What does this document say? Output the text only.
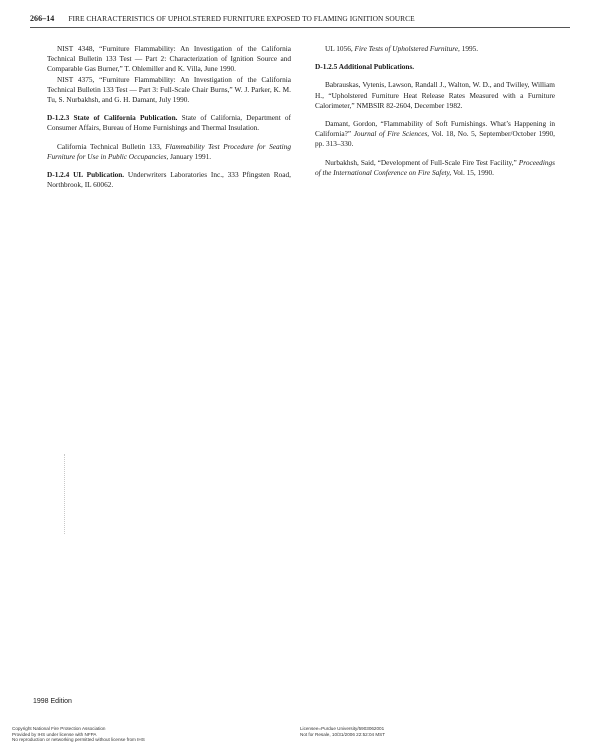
266–14 FIRE CHARACTERISTICS OF UPHOLSTERED FURNITURE EXPOSED TO FLAMING IGNITION SOURCE

NIST 4348, “Furniture Flammability: An Investigation of the California Technical Bulletin 133 Test — Part 2: Characterization of Ignition Source and Comparable Gas Burner,” T. Ohlemiller and K. Villa, June 1990.

NIST 4375, “Furniture Flammability: An Investigation of the California Technical Bulletin 133 Test — Part 3: Full-Scale Chair Burns,” W. J. Parker, K. M. Tu, S. Nurbakhsh, and G. H. Damant, July 1990.

D-1.2.3 State of California Publication. State of California, Department of Consumer Affairs, Bureau of Home Furnishings and Thermal Insulation.

California Technical Bulletin 133, Flammability Test Procedure for Seating Furniture for Use in Public Occupancies, January 1991.

D-1.2.4 UL Publication. Underwriters Laboratories Inc., 333 Pfingsten Road, Northbrook, IL 60062.

UL 1056, Fire Tests of Upholstered Furniture, 1995.

D-1.2.5 Additional Publications.

Babrauskas, Vytenis, Lawson, Randall J., Walton, W. D., and Twilley, William H., “Upholstered Furniture Heat Release Rates Measured with a Furniture Calorimeter,” NMBSIR 82-2604, December 1982.

Damant, Gordon, “Flammability of Soft Furnishings. What’s Happening in California?” Journal of Fire Sciences, Vol. 18, No. 5, September/October 1990, pp. 313–330.

Nurbakhsh, Said, “Development of Full-Scale Fire Test Facility,” Proceedings of the International Conference on Fire Safety, Vol. 15, 1990.

1998 Edition
Copyright National Fire Protection Association
Provided by IHS under license with NFPA
No reproduction or networking permitted without license from IHS
Licensee=Purdue University/5903062001
Not for Resale, 10/31/2006 22:52:04 MST
